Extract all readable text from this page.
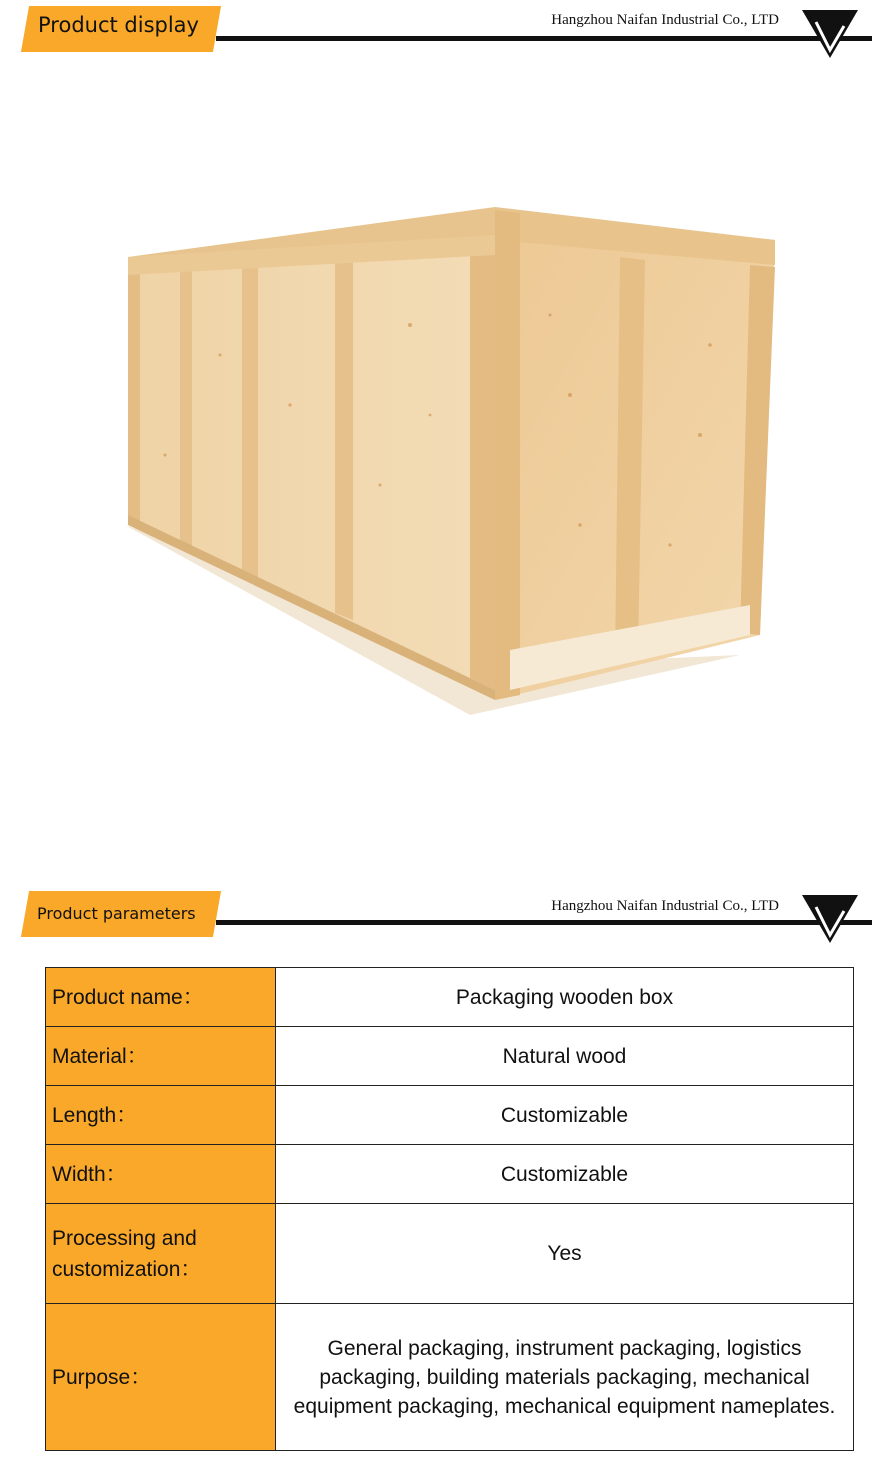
Product display	Hangzhou Naifan Industrial Co., LTD
Product parameters	Hangzhou Naifan Industrial Co., LTD
Product name：	Packaging wooden box
Material：	Natural wood
Length：	Customizable
Width：	Customizable
Processing and customization：	Yes
Purpose：	General packaging, instrument packaging, logistics packaging, building materials packaging, mechanical equipment packaging, mechanical equipment nameplates.
